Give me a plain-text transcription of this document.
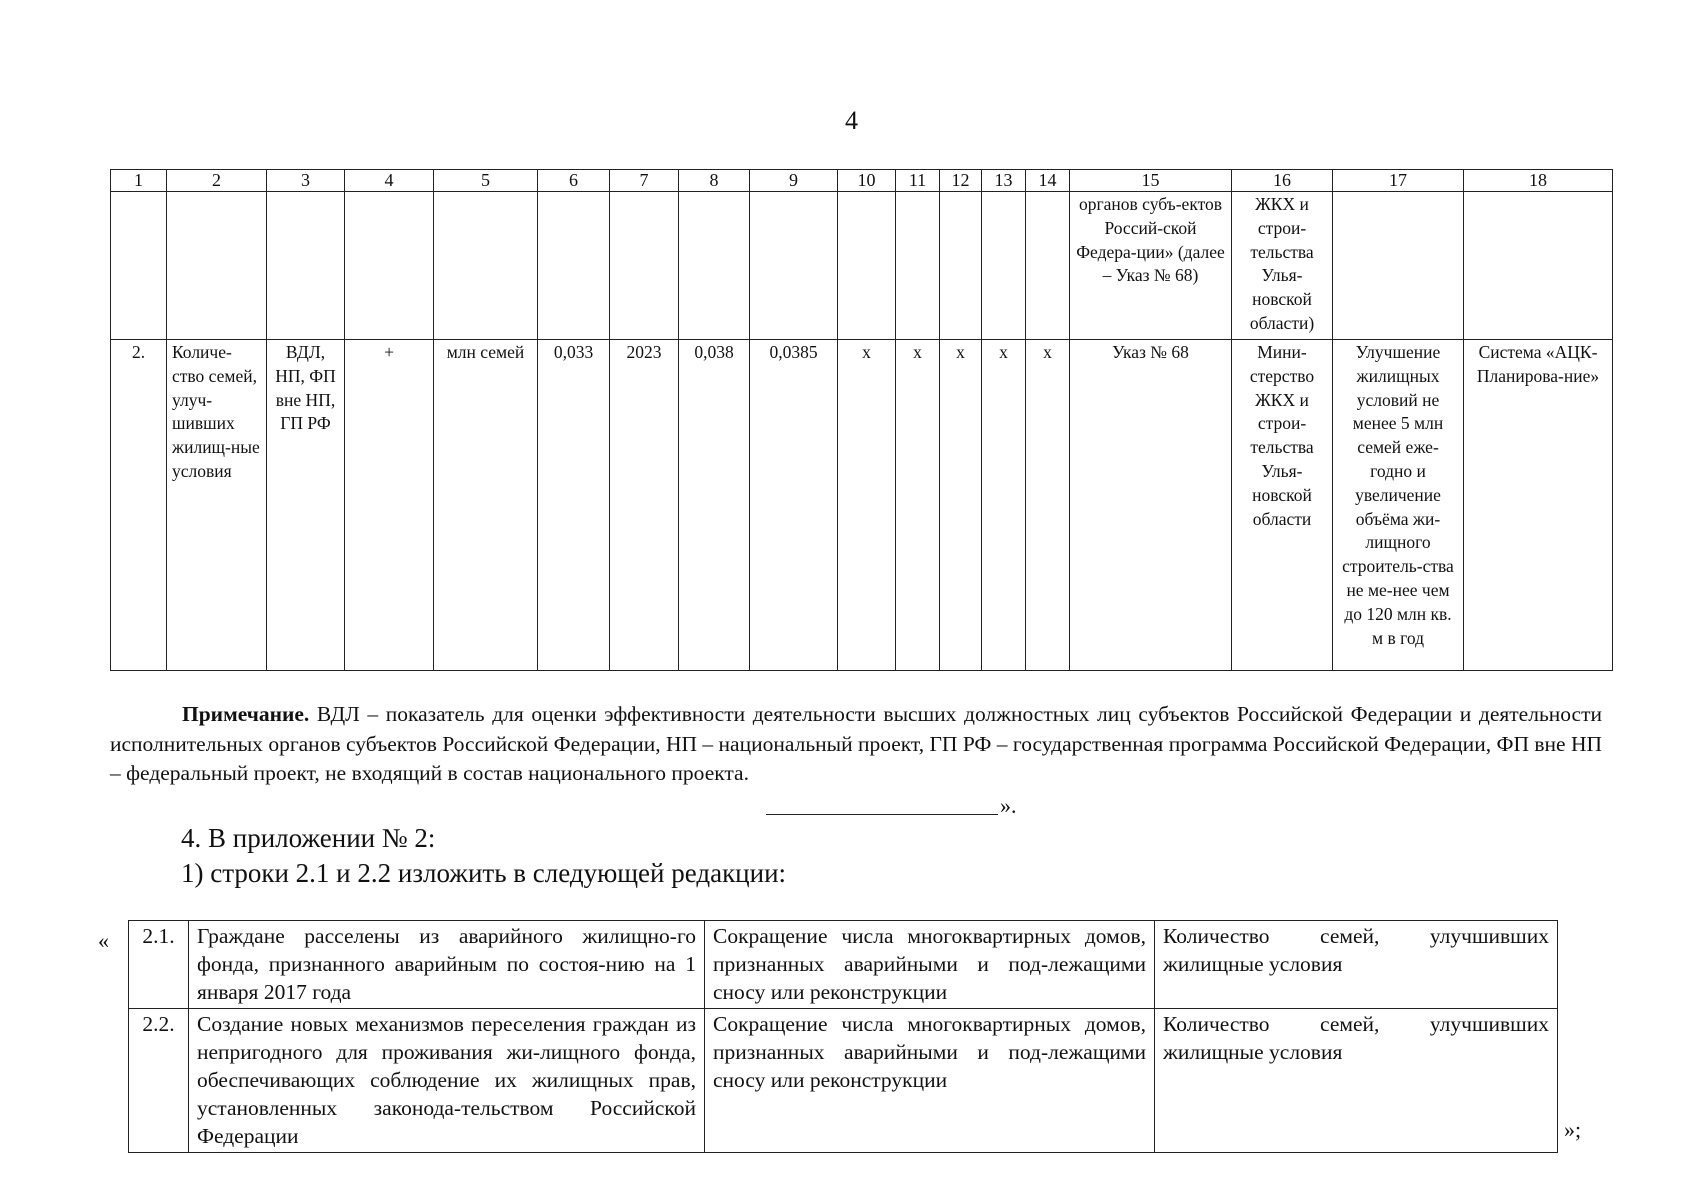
4
1	2	3	4	5	6	7	8	9	10	11	12	13	14	15	16	17	18
														органов субъ-ектов Россий-ской Федера-ции» (далее – Указ № 68)	ЖКХ и строи-тельства Улья-новской области)		
2.	Количе-ство семей, улуч-шивших жилищ-ные условия	ВДЛ, НП, ФП вне НП, ГП РФ	+	млн семей	0,033	2023	0,038	0,0385	х	х	х	х	х	Указ № 68	Мини-стерство ЖКХ и строи-тельства Улья-новской области	Улучшение жилищных условий не менее 5 млн семей еже-годно и увеличение объёма жи-лищного строитель-ства не ме-нее чем до 120 млн кв. м в год	Система «АЦК-Планирова-ние»
Примечание. ВДЛ – показатель для оценки эффективности деятельности высших должностных лиц субъектов Российской Федерации и деятельности исполнительных органов субъектов Российской Федерации, НП – национальный проект, ГП РФ – государственная программа Российской Федерации, ФП вне НП – федеральный проект, не входящий в состав национального проекта.
».
4. В приложении № 2:
1) строки 2.1 и 2.2 изложить в следующей редакции:
« 2.1.	Граждане расселены из аварийного жилищно-го фонда, признанного аварийным по состоя-нию на 1 января 2017 года	Сокращение числа многоквартирных домов, признанных аварийными и под-лежащими сносу или реконструкции	Количество семей, улучшивших жилищные условия
2.2.	Создание новых механизмов переселения граждан из непригодного для проживания жи-лищного фонда, обеспечивающих соблюдение их жилищных прав, установленных законода-тельством Российской Федерации	Сокращение числа многоквартирных домов, признанных аварийными и под-лежащими сносу или реконструкции	Количество семей, улучшивших жилищные условия
»;
